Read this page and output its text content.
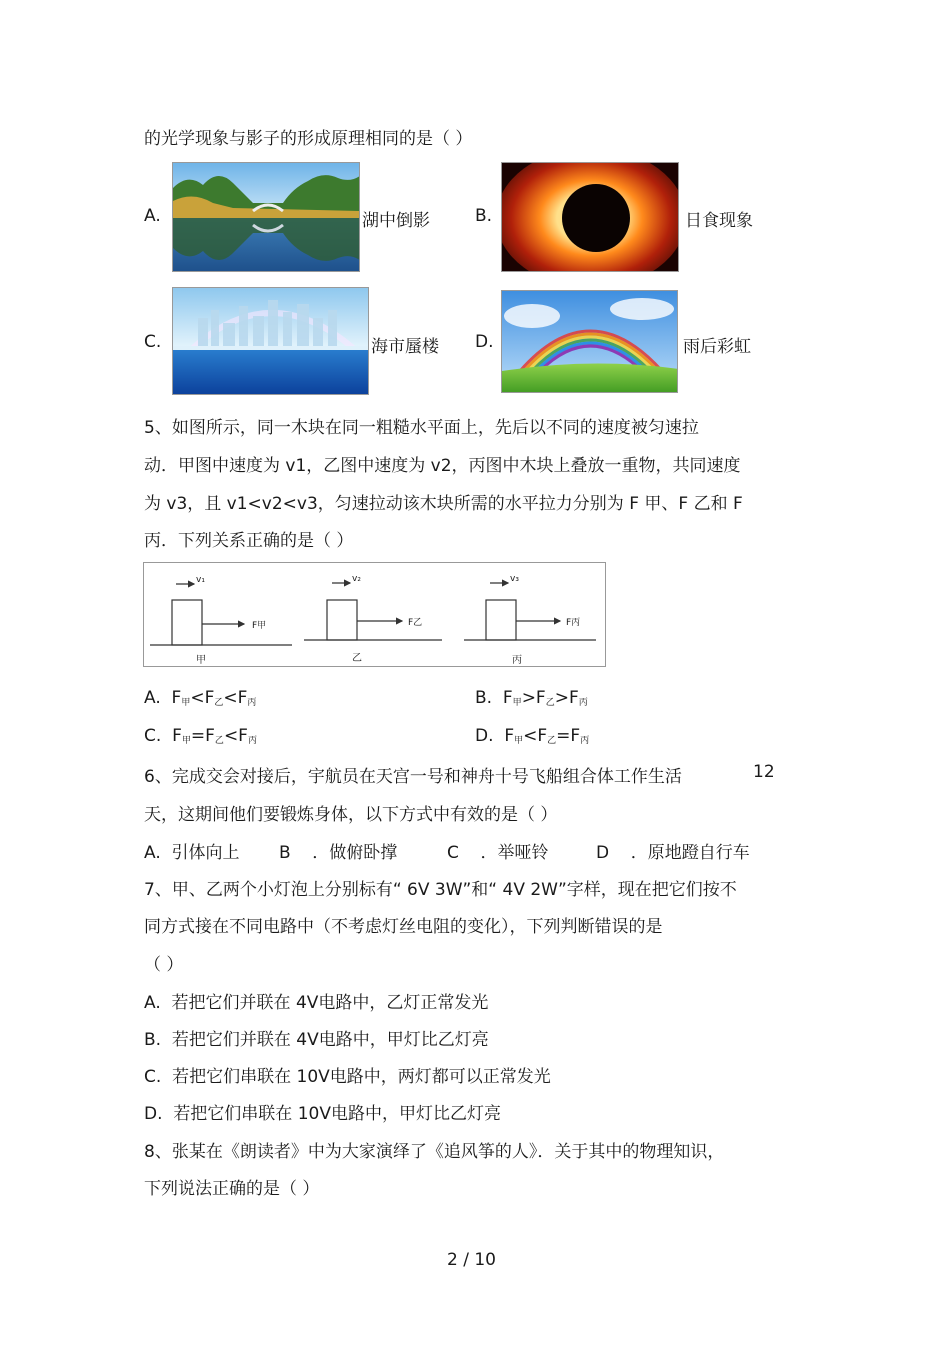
的光学现象与影子的形成原理相同的是（ ）
A.	湖中倒影	B.	日食现象
C.	海市蜃楼 D.	雨后彩虹
5、如图所示，同一木块在同一粗糙水平面上，先后以不同的速度被匀速拉
动．甲图中速度为 v1，乙图中速度为 v2，丙图中木块上叠放一重物，共同速度
为 v3，且 v1<v2<v3，匀速拉动该木块所需的水平拉力分别为 F 甲、F 乙和 F
丙．下列关系正确的是（ ）
v₁
F甲
甲
v₂
F乙
乙
v₃
F丙
丙
A. $F_甲<F_乙<F_丙$	B. $F_甲>F_乙>F_丙$
C. $F_甲=F_乙<F_丙$	D. $F_甲<F_乙=F_丙$
6、完成交会对接后，宇航员在天宫一号和神舟十号飞船组合体工作生活	12
天，这期间他们要锻炼身体，以下方式中有效的是（ ）
A. 引体向上 B ．做俯卧撑	C ．举哑铃	D ．原地蹬自行车
7、甲、乙两个小灯泡上分别标有“ 6V 3W”和“ 4V 2W”字样，现在把它们按不
同方式接在不同电路中（不考虑灯丝电阻的变化），下列判断错误的是
（ ）
A. 若把它们并联在 4V电路中，乙灯正常发光
B. 若把它们并联在 4V电路中，甲灯比乙灯亮
C. 若把它们串联在 10V电路中，两灯都可以正常发光
D. 若把它们串联在 10V电路中，甲灯比乙灯亮
8、张某在《朗读者》中为大家演绎了《追风筝的人》．关于其中的物理知识，
下列说法正确的是（ ）
2 / 10
